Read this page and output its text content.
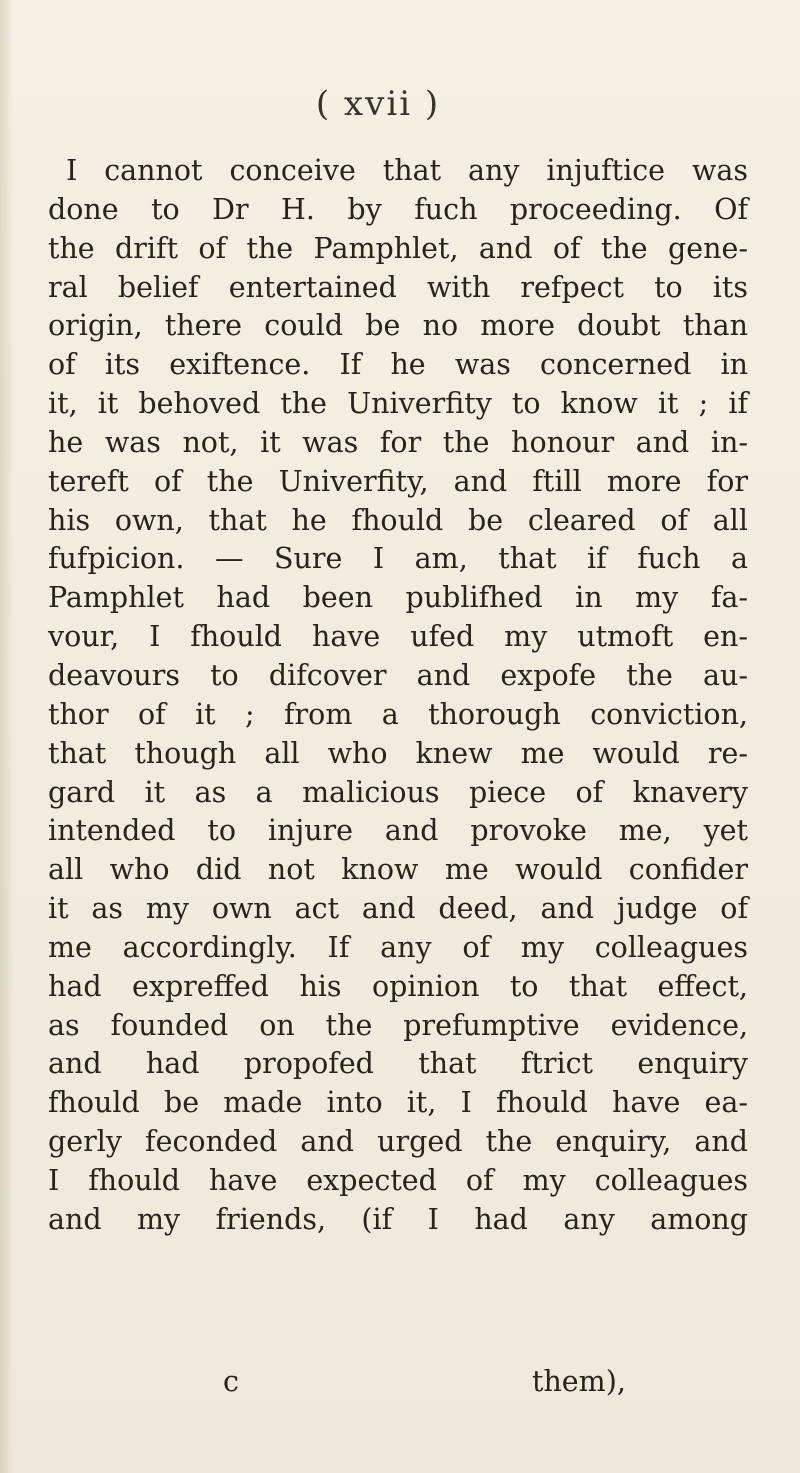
( xvii )
I cannot conceive that any injuftice was
done to Dr H. by fuch proceeding. Of
the drift of the Pamphlet, and of the gene-
ral belief entertained with refpect to its
origin, there could be no more doubt than
of its exiftence. If he was concerned in
it, it behoved the Univerfity to know it ; if
he was not, it was for the honour and in-
tereft of the Univerfity, and ftill more for
his own, that he fhould be cleared of all
fufpicion. — Sure I am, that if fuch a
Pamphlet had been publifhed in my fa-
vour, I fhould have ufed my utmoft en-
deavours to difcover and expofe the au-
thor of it ; from a thorough conviction,
that though all who knew me would re-
gard it as a malicious piece of knavery
intended to injure and provoke me, yet
all who did not know me would confider
it as my own act and deed, and judge of
me accordingly. If any of my colleagues
had expreffed his opinion to that effect,
as founded on the prefumptive evidence,
and had propofed that ftrict enquiry
fhould be made into it, I fhould have ea-
gerly feconded and urged the enquiry, and
I fhould have expected of my colleagues
and my friends, (if I had any among
c	them),
